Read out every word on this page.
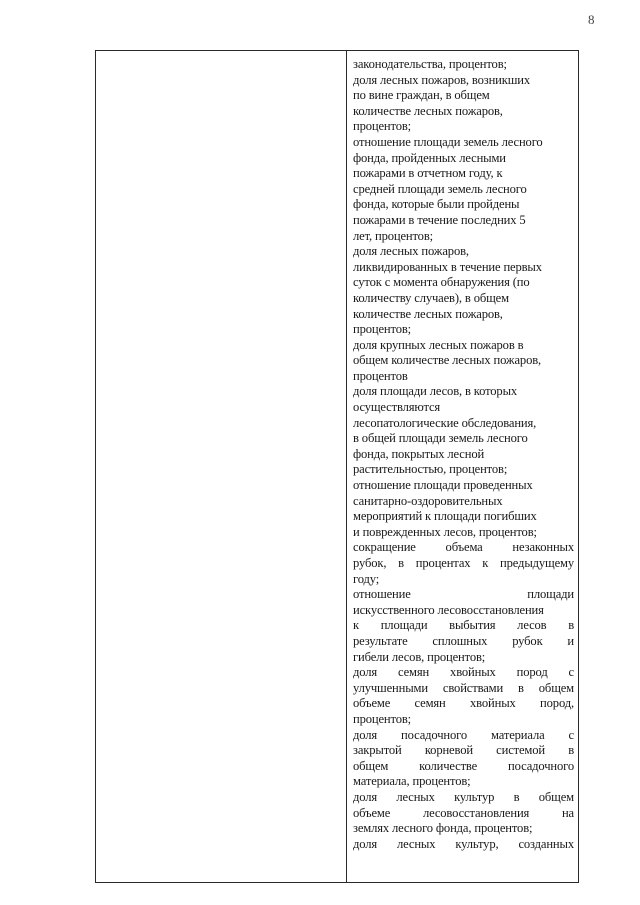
8
законодательства, процентов;
доля лесных пожаров, возникших
по вине граждан, в общем
количестве лесных пожаров,
процентов;
отношение площади земель лесного
фонда, пройденных лесными
пожарами в отчетном году, к
средней площади земель лесного
фонда, которые были пройдены
пожарами в течение последних 5
лет, процентов;
доля лесных пожаров,
ликвидированных в течение первых
суток с момента обнаружения (по
количеству случаев), в общем
количестве лесных пожаров,
процентов;
доля крупных лесных пожаров в
общем количестве лесных пожаров,
процентов
доля площади лесов, в которых
осуществляются
лесопатологические обследования,
в общей площади земель лесного
фонда, покрытых лесной
растительностью, процентов;
отношение площади проведенных
санитарно-оздоровительных
мероприятий к площади погибших
и поврежденных лесов, процентов;
сокращение объема незаконных
рубок, в процентах к предыдущему
году;
отношение площади
искусственного лесовосстановления
к площади выбытия лесов в
результате сплошных рубок и
гибели лесов, процентов;
доля семян хвойных пород с
улучшенными свойствами в общем
объеме семян хвойных пород,
процентов;
доля посадочного материала с
закрытой корневой системой в
общем количестве посадочного
материала, процентов;
доля лесных культур в общем
объеме лесовосстановления на
землях лесного фонда, процентов;
доля лесных культур, созданных
